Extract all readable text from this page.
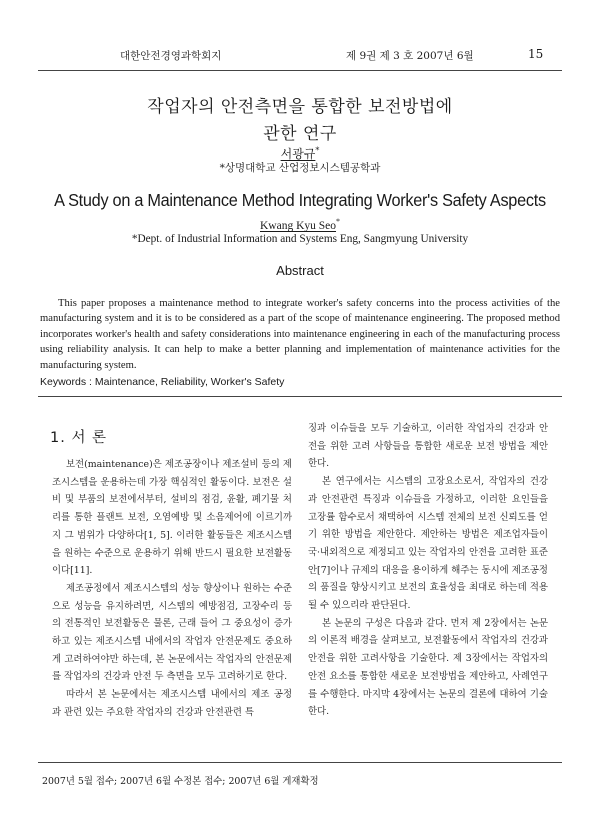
대한안전경영과학회지	제 9권 제 3 호 2007년 6월	15
작업자의 안전측면을 통합한 보전방법에
관한 연구
서광규*
*상명대학교 산업정보시스템공학과
A Study on a Maintenance Method Integrating Worker's Safety Aspects
Kwang Kyu Seo*
*Dept. of Industrial Information and Systems Eng, Sangmyung University
Abstract
This paper proposes a maintenance method to integrate worker's safety concerns into the process activities of the manufacturing system and it is to be considered as a part of the scope of maintenance engineering. The proposed method incorporates worker's health and safety considerations into maintenance engineering in each of the manufacturing process using reliability analysis. It can help to make a better planning and implementation of maintenance activities for the manufacturing system.
Keywords : Maintenance, Reliability, Worker's Safety
1. 서 론

보전(maintenance)은 제조공장이나 제조설비 등의 제조시스템을 운용하는데 가장 핵심적인 활동이다. 보전은 설비 및 부품의 보전에서부터, 설비의 점검, 윤활, 폐기물 처리를 통한 플랜트 보전, 오염예방 및 소음제어에 이르기까지 그 범위가 다양하다[1, 5]. 이러한 활동들은 제조시스템을 원하는 수준으로 운용하기 위해 반드시 필요한 보전활동이다[11].

제조공정에서 제조시스템의 성능 향상이나 원하는 수준으로 성능을 유지하려면, 시스템의 예방점검, 고장수리 등의 전통적인 보전활동은 물론, 근래 들어 그 중요성이 증가하고 있는 제조시스템 내에서의 작업자 안전문제도 중요하게 고려하여야만 하는데, 본 논문에서는 작업자의 안전문제를 작업자의 건강과 안전 두 측면을 모두 고려하기로 한다.

따라서 본 논문에서는 제조시스템 내에서의 제조 공정과 관련 있는 주요한 작업자의 건강과 안전관련 특

징과 이슈들을 모두 기술하고, 이러한 작업자의 건강과 안전을 위한 고려 사항들을 통합한 새로운 보전 방법을 제안한다.

본 연구에서는 시스템의 고장요소로서, 작업자의 건강과 안전관련 특징과 이슈들을 가정하고, 이러한 요인들을 고장률 함수로서 채택하여 시스템 전체의 보전 신뢰도를 얻기 위한 방법을 제안한다. 제안하는 방법은 제조업자들이 국·내외적으로 제정되고 있는 작업자의 안전을 고려한 표준안[7]이나 규제의 대응을 용이하게 해주는 동시에 제조공정의 품질을 향상시키고 보전의 효율성을 최대로 하는데 적용될 수 있으리라 판단된다.

본 논문의 구성은 다음과 같다. 먼저 제 2장에서는 논문의 이론적 배경을 살펴보고, 보전활동에서 작업자의 건강과 안전을 위한 고려사항을 기술한다. 제 3장에서는 작업자의 안전 요소를 통합한 새로운 보전방법을 제안하고, 사례연구를 수행한다. 마지막 4장에서는 논문의 결론에 대하여 기술한다.

2007년 5월 접수; 2007년 6월 수정본 접수; 2007년 6월 게재확정
